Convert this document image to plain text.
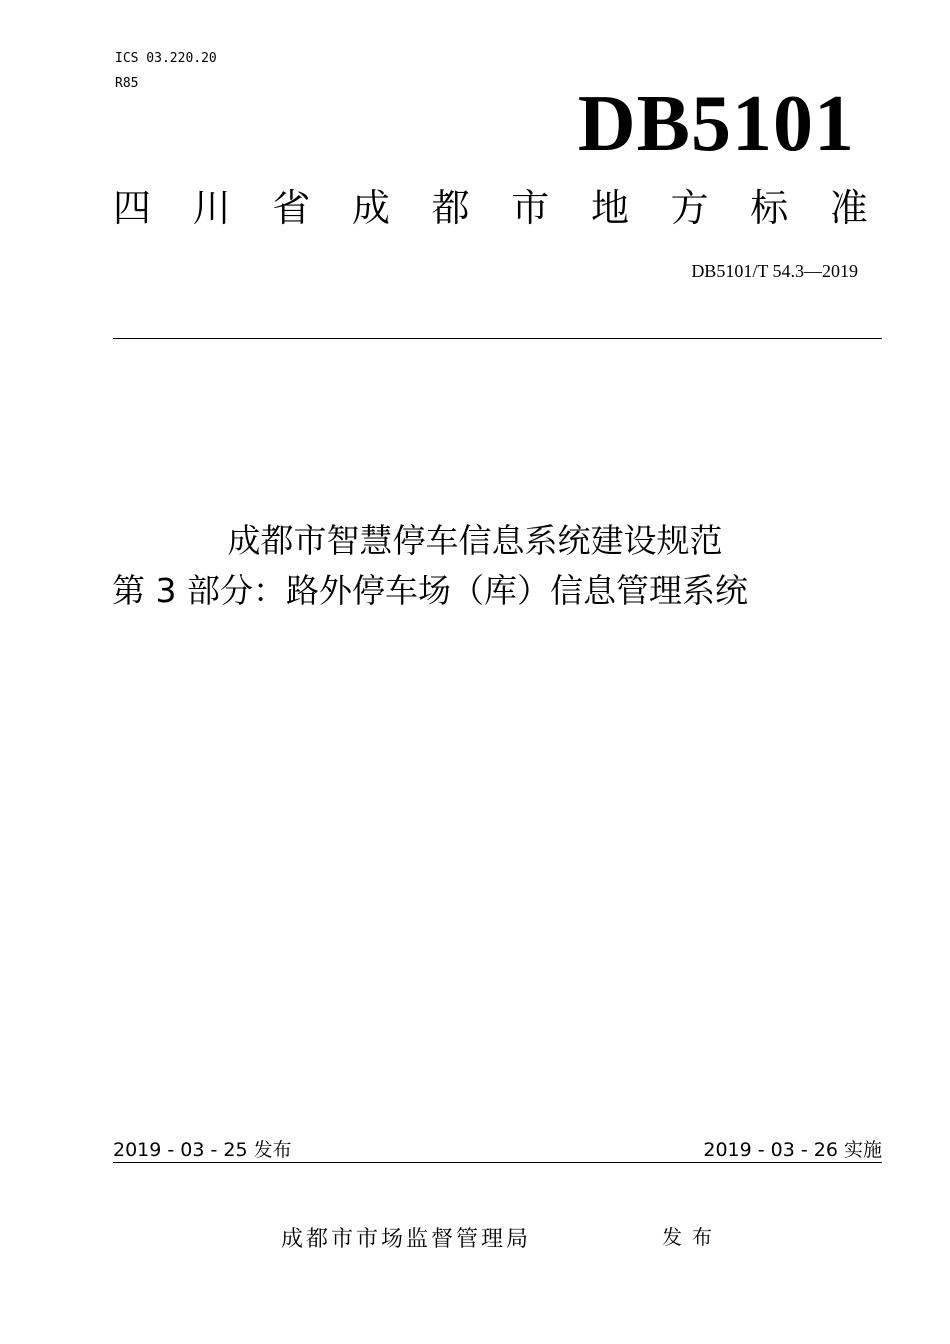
ICS 03.220.20
R85	DB5101
四 川 省 成 都 市 地 方 标 准
DB5101/T 54.3—2019
成都市智慧停车信息系统建设规范
第 3 部分：路外停车场（库）信息管理系统
2019 - 03 - 25 发布	2019 - 03 - 26 实施
成都市市场监督管理局	发布
